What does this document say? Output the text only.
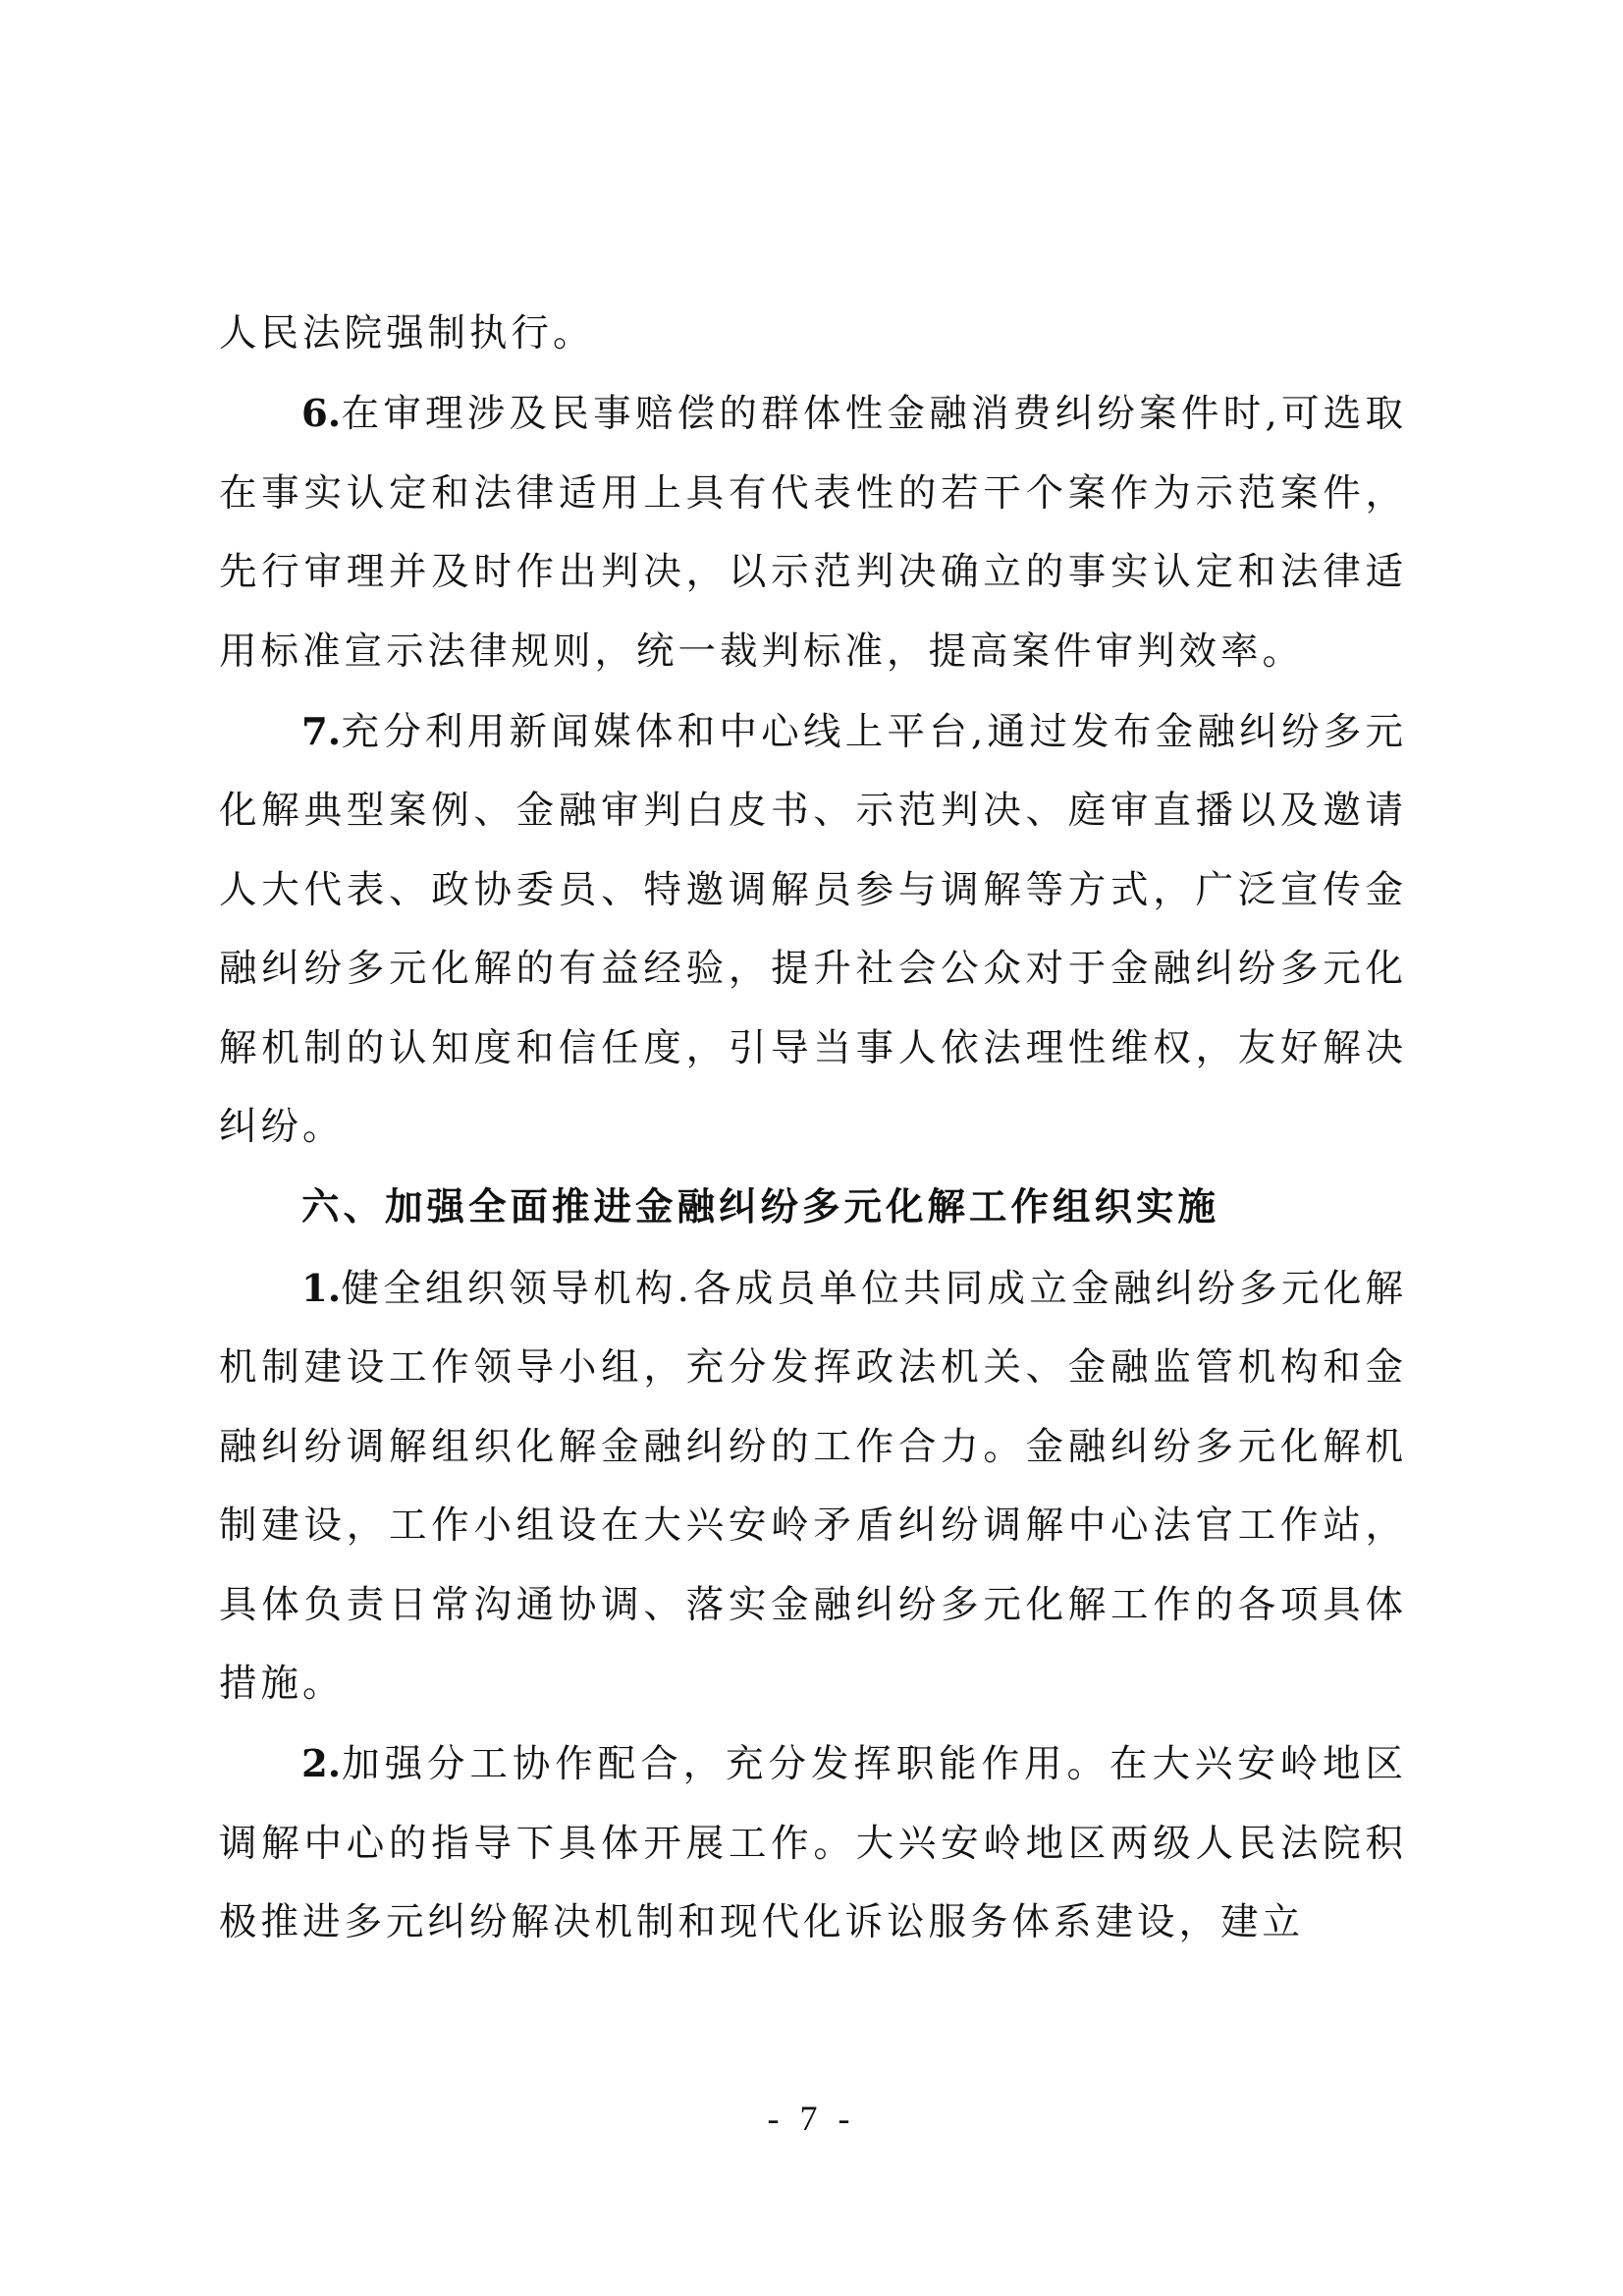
人民法院强制执行。

6.在审理涉及民事赔偿的群体性金融消费纠纷案件时,可选取在事实认定和法律适用上具有代表性的若干个案作为示范案件，先行审理并及时作出判决，以示范判决确立的事实认定和法律适用标准宣示法律规则，统一裁判标准，提高案件审判效率。

7.充分利用新闻媒体和中心线上平台,通过发布金融纠纷多元化解典型案例、金融审判白皮书、示范判决、庭审直播以及邀请人大代表、政协委员、特邀调解员参与调解等方式，广泛宣传金融纠纷多元化解的有益经验，提升社会公众对于金融纠纷多元化解机制的认知度和信任度，引导当事人依法理性维权，友好解决纠纷。

六、加强全面推进金融纠纷多元化解工作组织实施

1.健全组织领导机构.各成员单位共同成立金融纠纷多元化解机制建设工作领导小组，充分发挥政法机关、金融监管机构和金融纠纷调解组织化解金融纠纷的工作合力。金融纠纷多元化解机制建设，工作小组设在大兴安岭矛盾纠纷调解中心法官工作站，具体负责日常沟通协调、落实金融纠纷多元化解工作的各项具体措施。

2.加强分工协作配合，充分发挥职能作用。在大兴安岭地区调解中心的指导下具体开展工作。大兴安岭地区两级人民法院积极推进多元纠纷解决机制和现代化诉讼服务体系建设，建立

- 7 -
